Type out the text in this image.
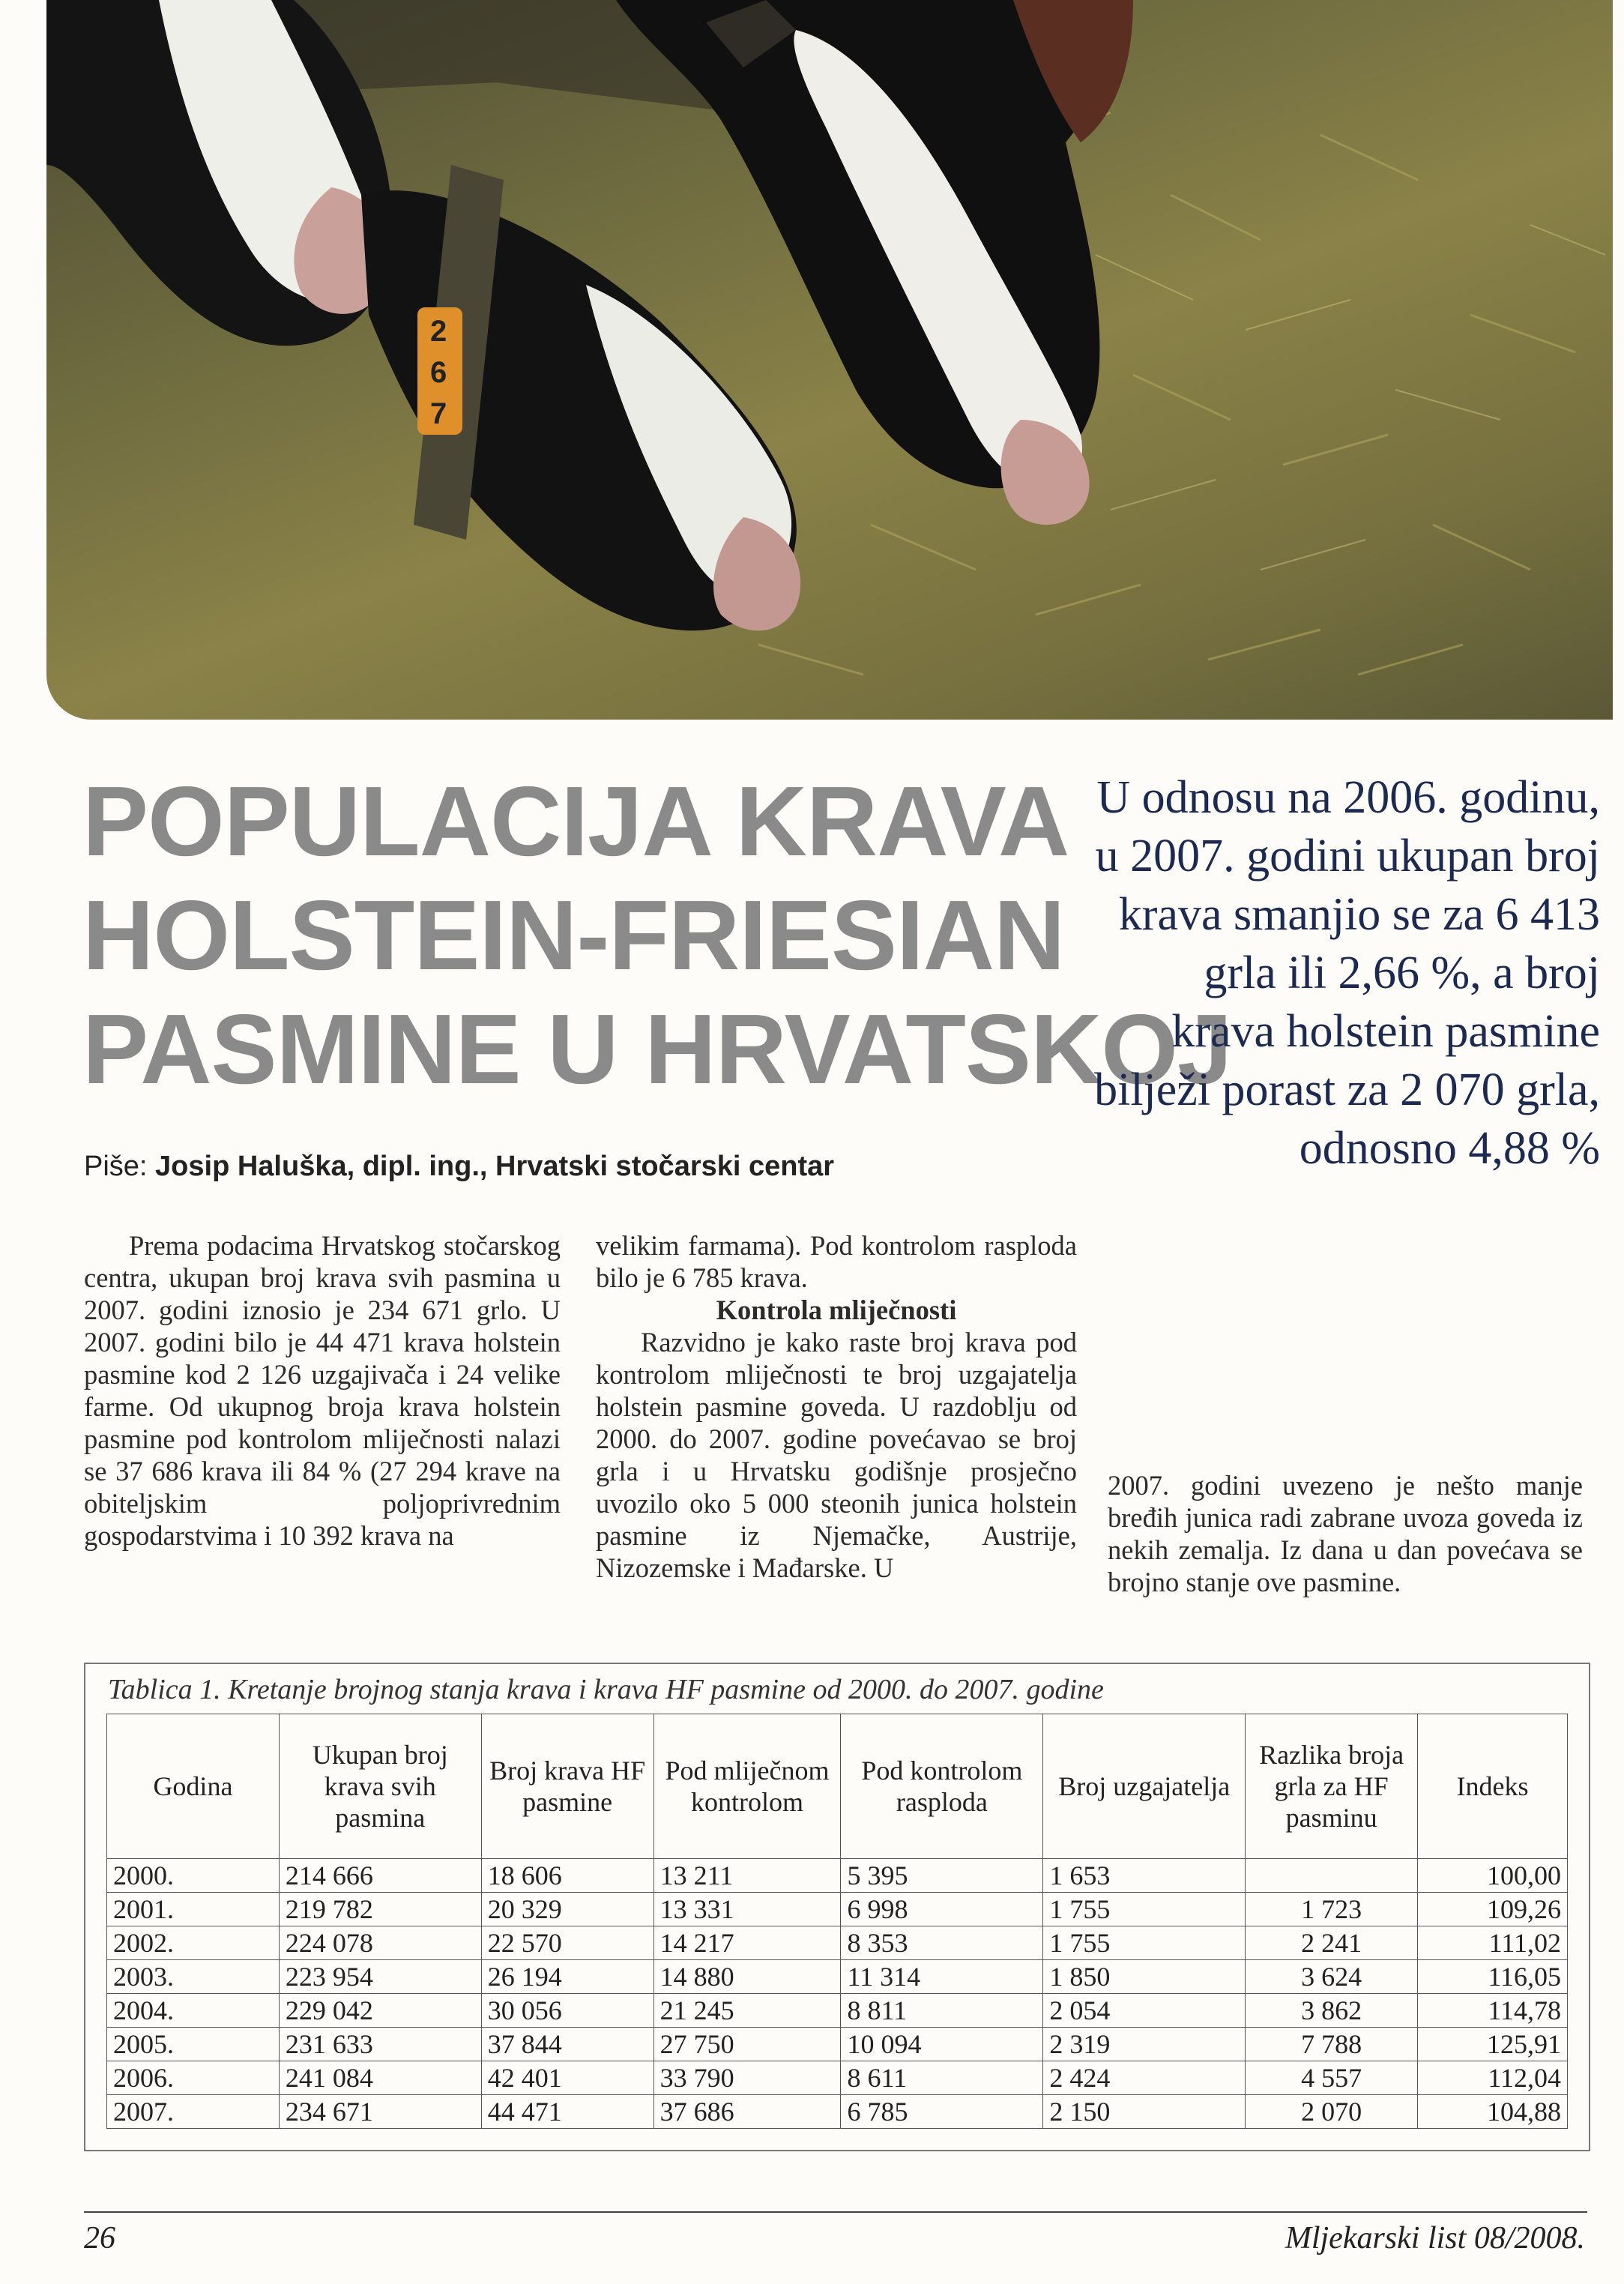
2
6
7
POPULACIJA KRAVA
HOLSTEIN-FRIESIAN
PASMINE U HRVATSKOJ
Piše: Josip Haluška, dipl. ing., Hrvatski stočarski centar

U odnosu na 2006. godinu, u 2007. godini ukupan broj krava smanjio se za 6 413 grla ili 2,66 %, a broj krava holstein pasmine bilježi porast za 2 070 grla, odnosno 4,88 %

Prema podacima Hrvatskog stočarskog centra, ukupan broj krava svih pasmina u 2007. godini iznosio je 234 671 grlo. U 2007. godini bilo je 44 471 krava holstein pasmine kod 2 126 uzgajivača i 24 velike farme. Od ukupnog broja krava holstein pasmine pod kontrolom mliječnosti nalazi se 37 686 krava ili 84 % (27 294 krave na obiteljskim poljoprivrednim gospodarstvima i 10 392 krava na

velikim farmama). Pod kontrolom rasploda bilo je 6 785 krava.

Kontrola mliječnosti

Razvidno je kako raste broj krava pod kontrolom mliječnosti te broj uzgajatelja holstein pasmine goveda. U razdoblju od 2000. do 2007. godine povećavao se broj grla i u Hrvatsku godišnje prosječno uvozilo oko 5 000 steonih junica holstein pasmine iz Njemačke, Austrije, Nizozemske i Mađarske. U

2007. godini uvezeno je nešto manje bređih junica radi zabrane uvoza goveda iz nekih zemalja. Iz dana u dan povećava se brojno stanje ove pasmine.

Tablica 1. Kretanje brojnog stanja krava i krava HF pasmine od 2000. do 2007. godine
Godina	Ukupan broj krava svih pasmina	Broj krava HF pasmine	Pod mliječnom kontrolom	Pod kontrolom rasploda	Broj uzgajatelja	Razlika broja grla za HF pasminu	Indeks
2000.	214 666	18 606	13 211	5 395	1 653		100,00
2001.	219 782	20 329	13 331	6 998	1 755	1 723	109,26
2002.	224 078	22 570	14 217	8 353	1 755	2 241	111,02
2003.	223 954	26 194	14 880	11 314	1 850	3 624	116,05
2004.	229 042	30 056	21 245	8 811	2 054	3 862	114,78
2005.	231 633	37 844	27 750	10 094	2 319	7 788	125,91
2006.	241 084	42 401	33 790	8 611	2 424	4 557	112,04
2007.	234 671	44 471	37 686	6 785	2 150	2 070	104,88
26	Mljekarski list 08/2008.
